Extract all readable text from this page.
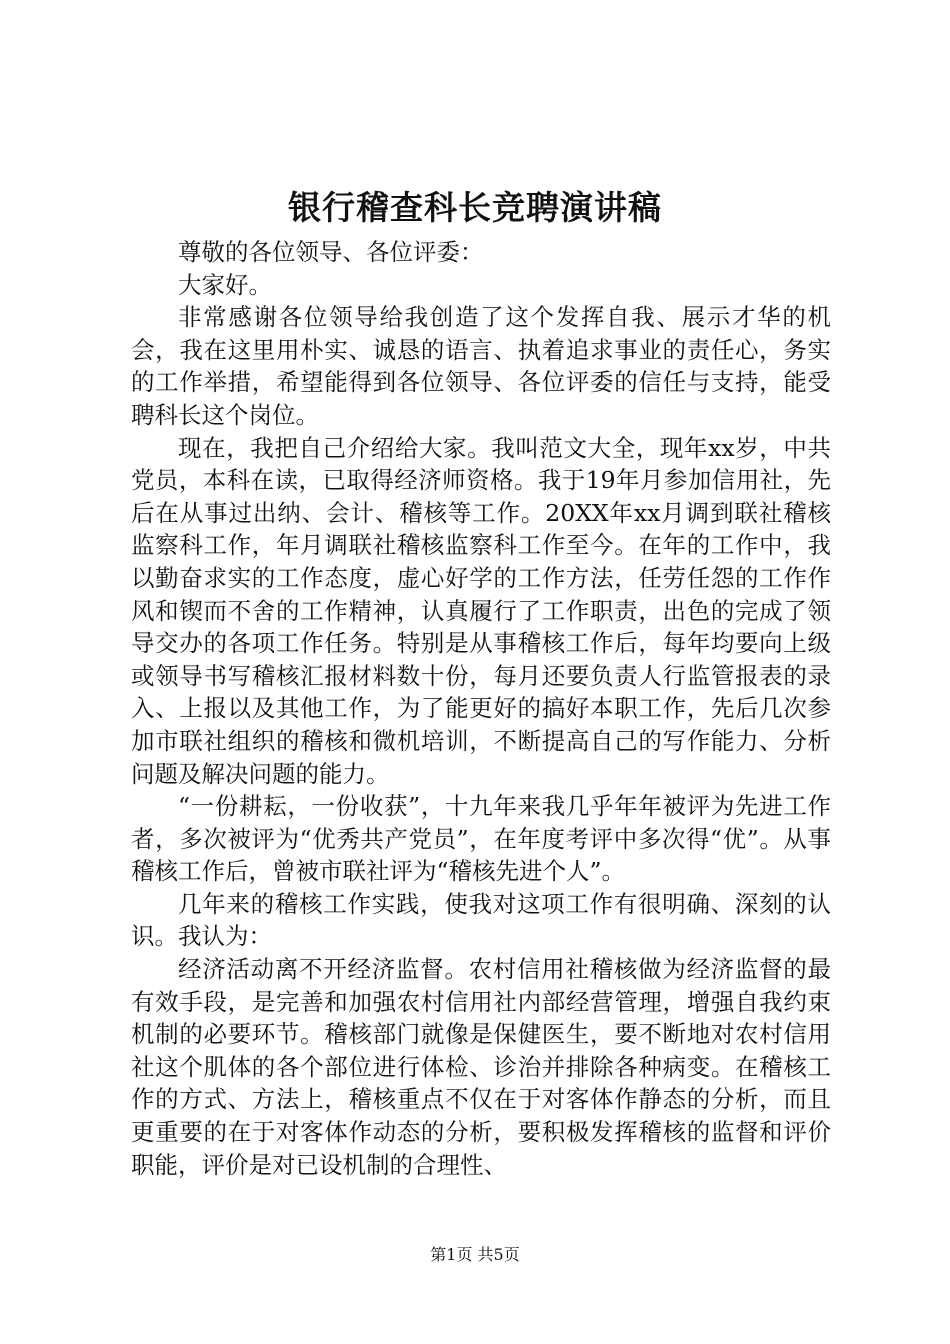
银行稽查科长竞聘演讲稿

尊敬的各位领导、各位评委：

大家好。

非常感谢各位领导给我创造了这个发挥自我、展示才华的机会，我在这里用朴实、诚恳的语言、执着追求事业的责任心，务实的工作举措，希望能得到各位领导、各位评委的信任与支持，能受聘科长这个岗位。

现在，我把自己介绍给大家。我叫范文大全，现年xx岁，中共党员，本科在读，已取得经济师资格。我于19年月参加信用社，先后在从事过出纳、会计、稽核等工作。20XX年xx月调到联社稽核监察科工作，年月调联社稽核监察科工作至今。在年的工作中，我以勤奋求实的工作态度，虚心好学的工作方法，任劳任怨的工作作风和锲而不舍的工作精神，认真履行了工作职责，出色的完成了领导交办的各项工作任务。特别是从事稽核工作后，每年均要向上级或领导书写稽核汇报材料数十份，每月还要负责人行监管报表的录入、上报以及其他工作，为了能更好的搞好本职工作，先后几次参加市联社组织的稽核和微机培训，不断提高自己的写作能力、分析问题及解决问题的能力。

“一份耕耘，一份收获”，十九年来我几乎年年被评为先进工作者，多次被评为“优秀共产党员”，在年度考评中多次得“优”。从事稽核工作后，曾被市联社评为“稽核先进个人”。

几年来的稽核工作实践，使我对这项工作有很明确、深刻的认识。我认为：

经济活动离不开经济监督。农村信用社稽核做为经济监督的最有效手段，是完善和加强农村信用社内部经营管理，增强自我约束机制的必要环节。稽核部门就像是保健医生，要不断地对农村信用社这个肌体的各个部位进行体检、诊治并排除各种病变。在稽核工作的方式、方法上，稽核重点不仅在于对客体作静态的分析，而且更重要的在于对客体作动态的分析，要积极发挥稽核的监督和评价职能，评价是对已设机制的合理性、

第1页 共5页
